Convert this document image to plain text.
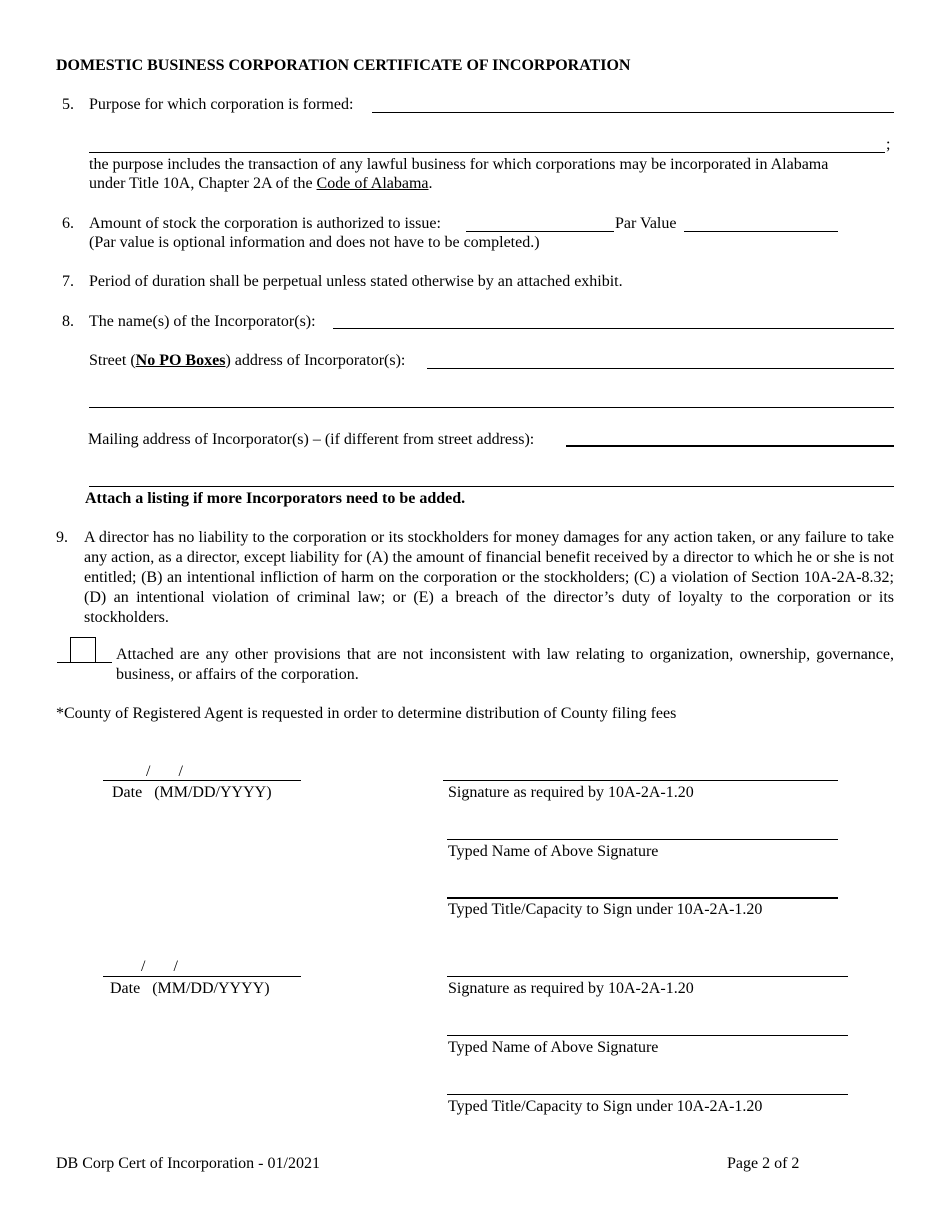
DOMESTIC BUSINESS CORPORATION CERTIFICATE OF INCORPORATION
5. Purpose for which corporation is formed:
;
the purpose includes the transaction of any lawful business for which corporations may be incorporated in Alabama
under Title 10A, Chapter 2A of the Code of Alabama.
6. Amount of stock the corporation is authorized to issue:	Par Value
(Par value is optional information and does not have to be completed.)
7. Period of duration shall be perpetual unless stated otherwise by an attached exhibit.
8. The name(s) of the Incorporator(s):
Street (No PO Boxes) address of Incorporator(s):
Mailing address of Incorporator(s) – (if different from street address):
Attach a listing if more Incorporators need to be added.
9. A director has no liability to the corporation or its stockholders for money damages for any action taken, or any failure to take any action, as a director, except liability for (A) the amount of financial benefit received by a director to which he or she is not entitled; (B) an intentional infliction of harm on the corporation or the stockholders; (C) a violation of Section 10A-2A-8.32; (D) an intentional violation of criminal law; or (E) a breach of the director’s duty of loyalty to the corporation or its stockholders.
Attached are any other provisions that are not inconsistent with law relating to organization, ownership, governance, business, or affairs of the corporation.
*County of Registered Agent is requested in order to determine distribution of County filing fees
/       /
Date   (MM/DD/YYYY)	Signature as required by 10A-2A-1.20
Typed Name of Above Signature
Typed Title/Capacity to Sign under 10A-2A-1.20
/       /
Date   (MM/DD/YYYY)	Signature as required by 10A-2A-1.20
Typed Name of Above Signature
Typed Title/Capacity to Sign under 10A-2A-1.20
DB Corp Cert of Incorporation - 01/2021	Page 2 of 2
